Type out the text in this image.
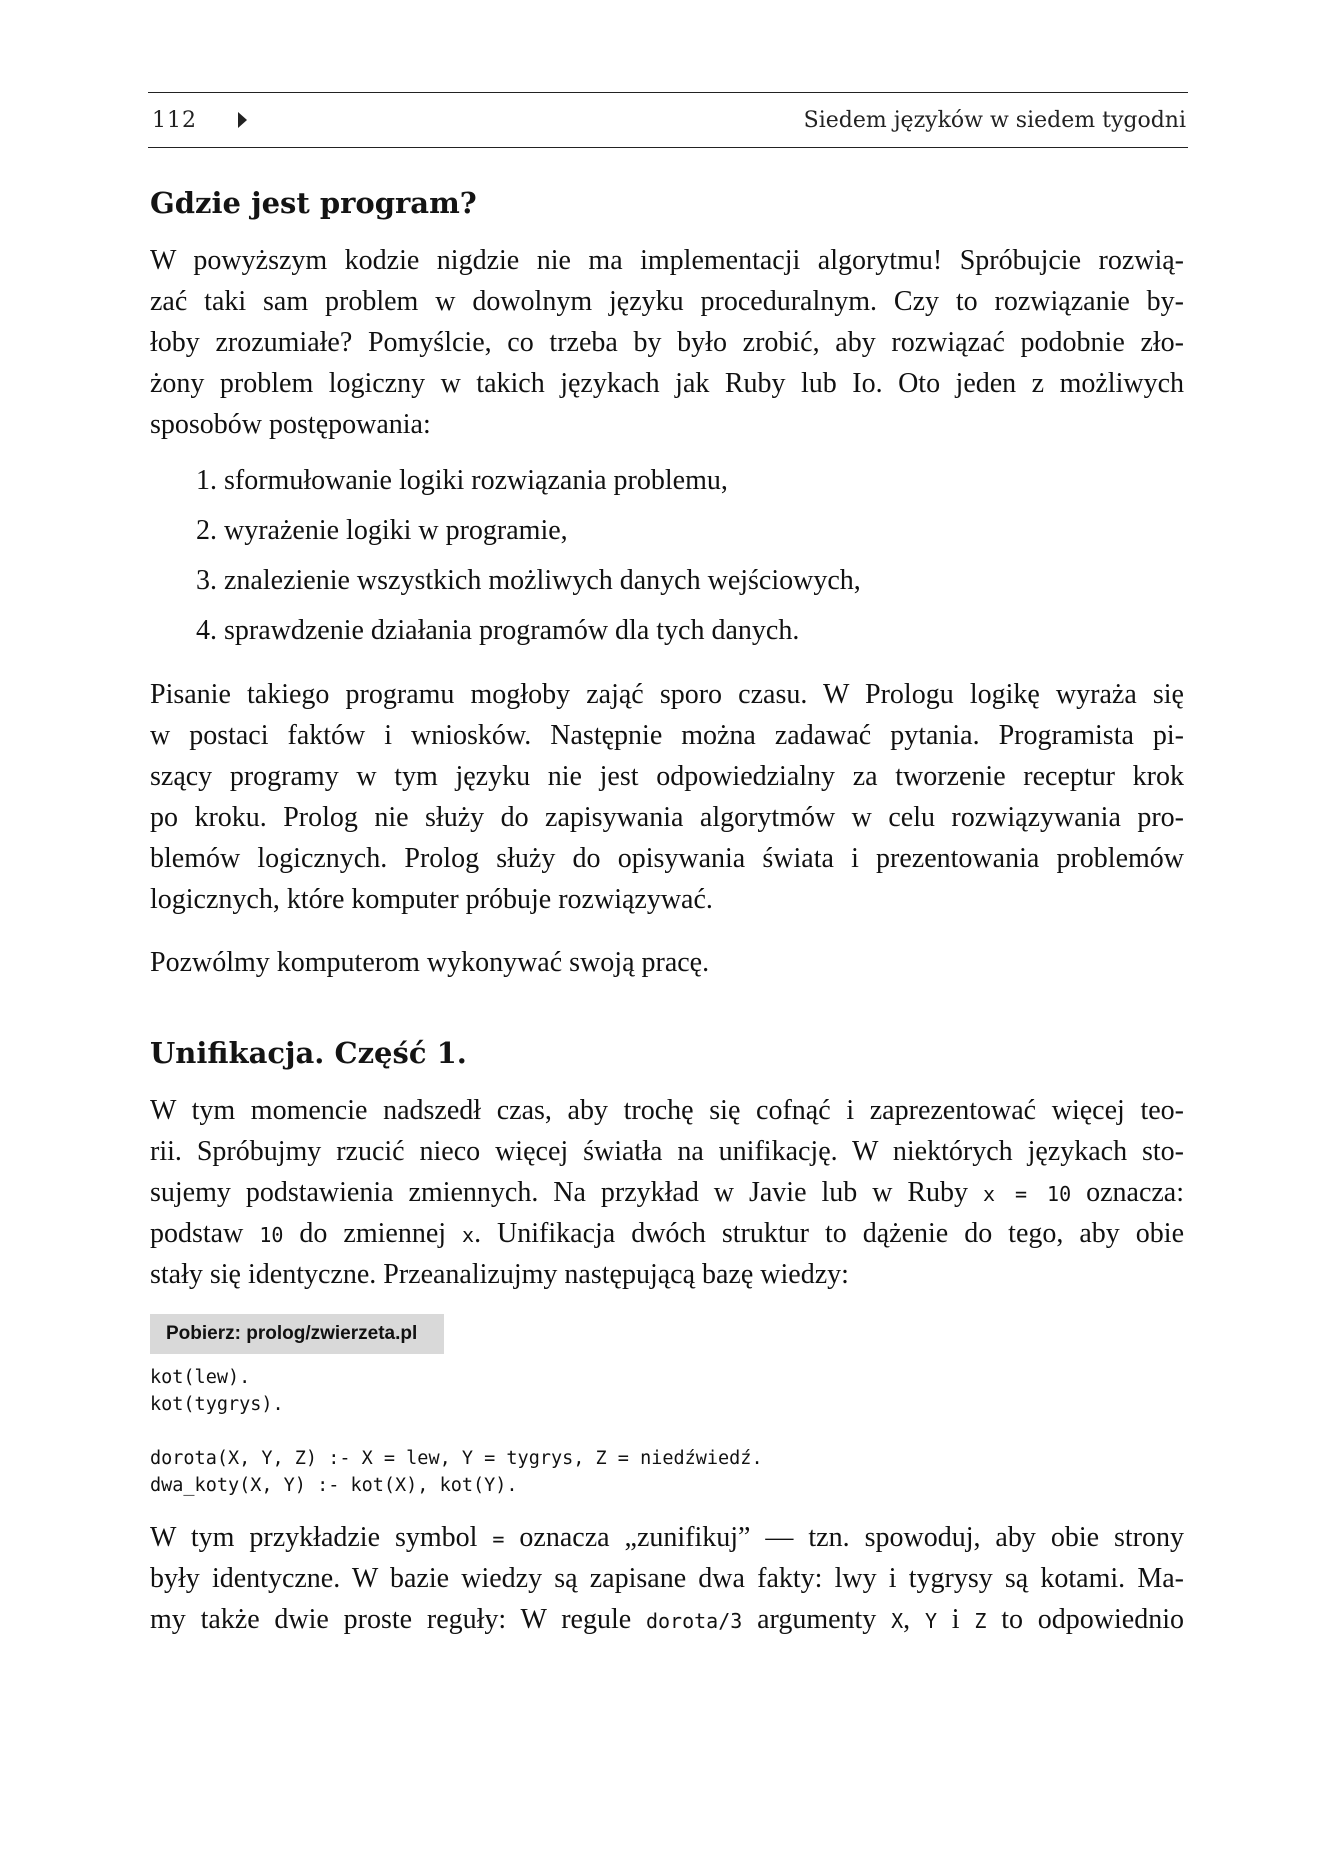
112	Siedem języków w siedem tygodni
Gdzie jest program?
W powyższym kodzie nigdzie nie ma implementacji algorytmu! Spróbujcie rozwią-
zać taki sam problem w dowolnym języku proceduralnym. Czy to rozwiązanie by-
łoby zrozumiałe? Pomyślcie, co trzeba by było zrobić, aby rozwiązać podobnie zło-
żony problem logiczny w takich językach jak Ruby lub Io. Oto jeden z możliwych
sposobów postępowania:
1. sformułowanie logiki rozwiązania problemu,
2. wyrażenie logiki w programie,
3. znalezienie wszystkich możliwych danych wejściowych,
4. sprawdzenie działania programów dla tych danych.
Pisanie takiego programu mogłoby zająć sporo czasu. W Prologu logikę wyraża się
w postaci faktów i wniosków. Następnie można zadawać pytania. Programista pi-
szący programy w tym języku nie jest odpowiedzialny za tworzenie receptur krok
po kroku. Prolog nie służy do zapisywania algorytmów w celu rozwiązywania pro-
blemów logicznych. Prolog służy do opisywania świata i prezentowania problemów
logicznych, które komputer próbuje rozwiązywać.
Pozwólmy komputerom wykonywać swoją pracę.
Unifikacja. Część 1.
W tym momencie nadszedł czas, aby trochę się cofnąć i zaprezentować więcej teo-
rii. Spróbujmy rzucić nieco więcej światła na unifikację. W niektórych językach sto-
sujemy podstawienia zmiennych. Na przykład w Javie lub w Ruby x = 10 oznacza:
podstaw 10 do zmiennej x. Unifikacja dwóch struktur to dążenie do tego, aby obie
stały się identyczne. Przeanalizujmy następującą bazę wiedzy:
Pobierz: prolog/zwierzeta.pl
kot(lew).
kot(tygrys).
dorota(X, Y, Z) :- X = lew, Y = tygrys, Z = niedźwiedź.
dwa_koty(X, Y) :- kot(X), kot(Y).
W tym przykładzie symbol = oznacza „zunifikuj” — tzn. spowoduj, aby obie strony
były identyczne. W bazie wiedzy są zapisane dwa fakty: lwy i tygrysy są kotami. Ma-
my także dwie proste reguły: W regule dorota/3 argumenty X, Y i Z to odpowiednio
